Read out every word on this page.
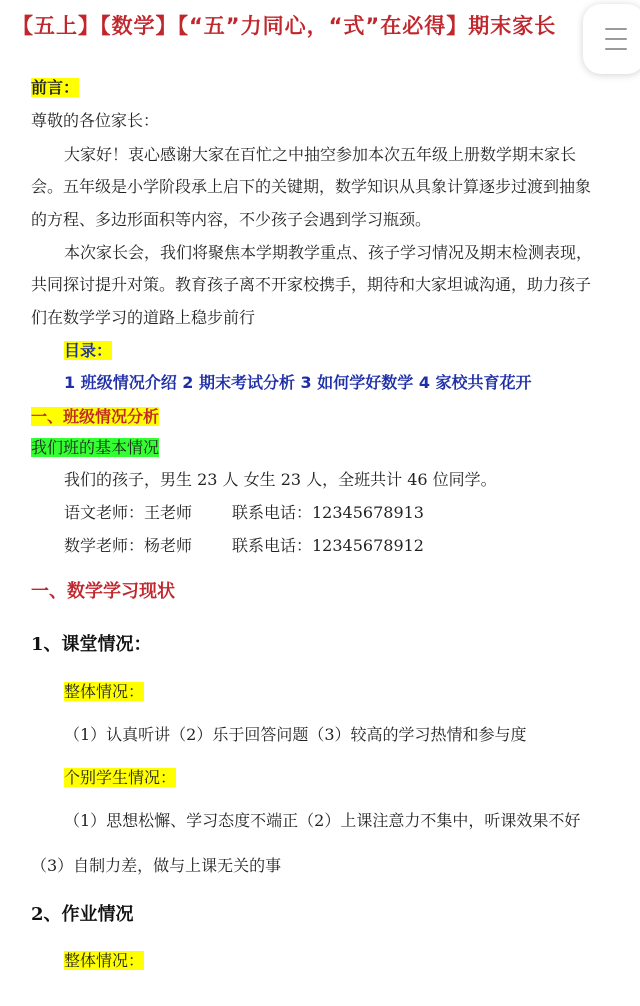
【五上】【数学】【“五”力同心，“式”在必得】期末家长
前言：
尊敬的各位家长：
大家好！衷心感谢大家在百忙之中抽空参加本次五年级上册数学期末家长
会。五年级是小学阶段承上启下的关键期，数学知识从具象计算逐步过渡到抽象
的方程、多边形面积等内容，不少孩子会遇到学习瓶颈。
本次家长会，我们将聚焦本学期教学重点、孩子学习情况及期末检测表现，
共同探讨提升对策。教育孩子离不开家校携手，期待和大家坦诚沟通，助力孩子
们在数学学习的道路上稳步前行
目录：
1 班级情况介绍 2 期末考试分析 3 如何学好数学 4 家校共育花开
一、班级情况分析
我们班的基本情况
我们的孩子，男生 23 人 女生 23 人，全班共计 46 位同学。
语文老师：王老师 联系电话：12345678913
数学老师：杨老师 联系电话：12345678912
一、数学学习现状
1、课堂情况：
整体情况：
（1）认真听讲（2）乐于回答问题（3）较高的学习热情和参与度
个别学生情况：
（1）思想松懈、学习态度不端正（2）上课注意力不集中，听课效果不好
（3）自制力差，做与上课无关的事
2、作业情况
整体情况：
